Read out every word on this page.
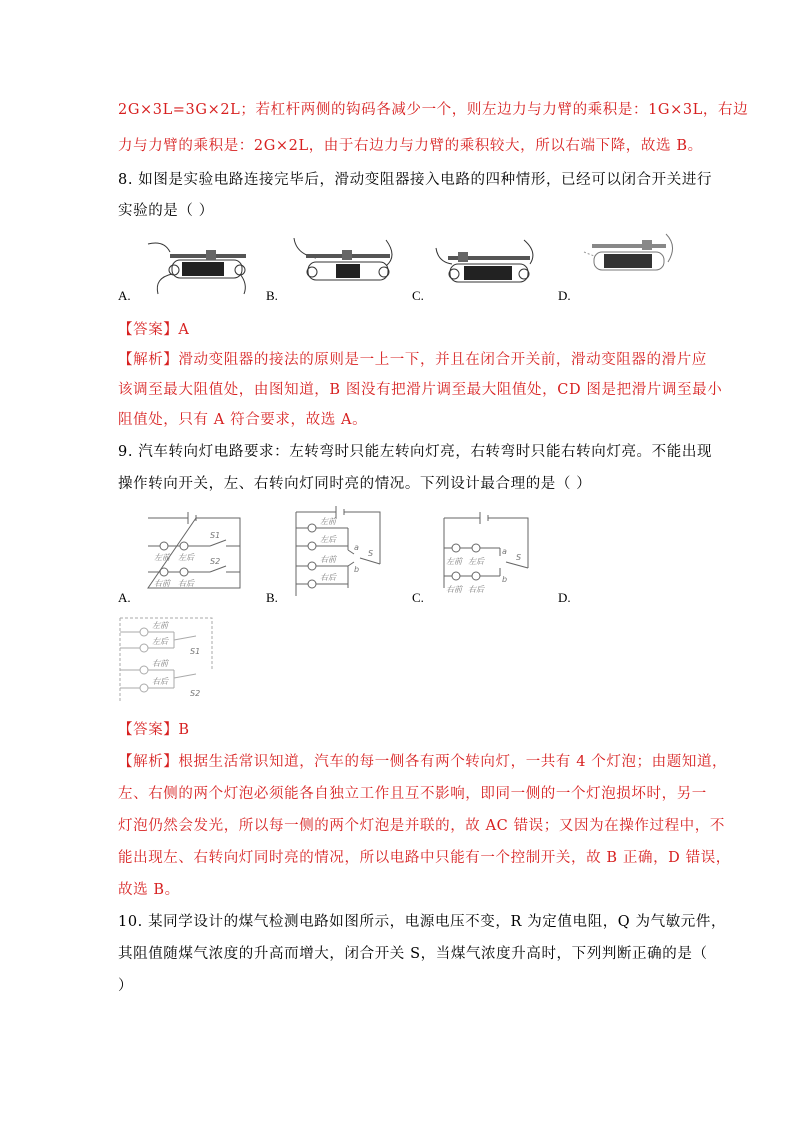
2G×3L=3G×2L；若杠杆两侧的钩码各减少一个，则左边力与力臂的乘积是：1G×3L，右边
力与力臂的乘积是：2G×2L，由于右边力与力臂的乘积较大，所以右端下降，故选 B。
8. 如图是实验电路连接完毕后，滑动变阻器接入电路的四种情形，已经可以闭合开关进行
实验的是（ ）
A.	B.	C.	D.
【答案】A
【解析】滑动变阻器的接法的原则是一上一下，并且在闭合开关前，滑动变阻器的滑片应
该调至最大阻值处，由图知道，B 图没有把滑片调至最大阻值处，CD 图是把滑片调至最小
阻值处，只有 A 符合要求，故选 A。
9. 汽车转向灯电路要求：左转弯时只能左转向灯亮，右转弯时只能右转向灯亮。不能出现
操作转向开关，左、右转向灯同时亮的情况。下列设计最合理的是（ ）
左前 左后
S1
右前 右后
S2
左前
左后
右前
右后
a
b
S
左前 左后
右前 右后
a
b
S
A.	B.	C.	D.
左前
左后
右前
右后
S1
S2
【答案】B
【解析】根据生活常识知道，汽车的每一侧各有两个转向灯，一共有 4 个灯泡；由题知道，
左、右侧的两个灯泡必须能各自独立工作且互不影响，即同一侧的一个灯泡损坏时，另一
灯泡仍然会发光，所以每一侧的两个灯泡是并联的，故 AC 错误；又因为在操作过程中，不
能出现左、右转向灯同时亮的情况，所以电路中只能有一个控制开关，故 B 正确，D 错误，
故选 B。
10. 某同学设计的煤气检测电路如图所示，电源电压不变，R 为定值电阻，Q 为气敏元件，
其阻值随煤气浓度的升高而增大，闭合开关 S，当煤气浓度升高时，下列判断正确的是（
）
